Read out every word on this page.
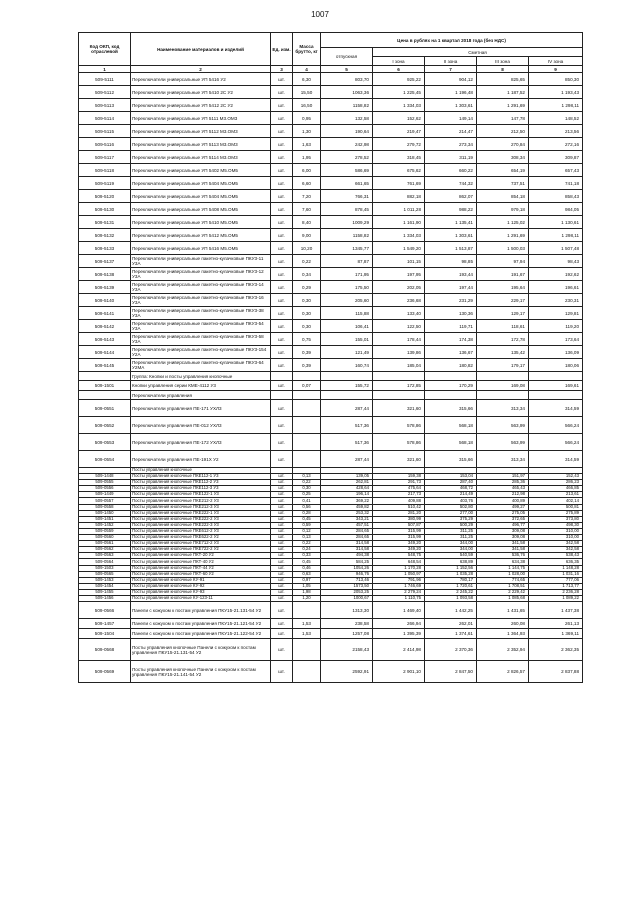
1007
Код ОКП, код отраслевой	Наименование материалов и изделий	Ед. изм.	Масса брутто, кг	Цена в рублях на 1 квартал 2018 года (без НДС)				
				отпускная	Сметная			
					I зона	II зона	III зона	IV зона
1	2	3	4	5	6	7	8	9
509-5111	Переключатели универсальные УП 5416 У2	шт.	6,30	803,70	925,22	904,12	825,65	850,30
509-5112	Переключатели универсальные УП 5410 2С У2	шт.	15,50	1063,36	1 225,45	1 196,48	1 187,52	1 193,43
509-5113	Переключатели универсальные УП 5412 2С У2	шт.	16,50	1158,82	1 334,03	1 303,61	1 291,69	1 298,11
509-5114	Переключатели универсальные УП 5111 М3.ОМ3	шт.	0,95	132,58	152,62	149,14	147,78	148,52
509-5115	Переключатели универсальные УП 5112 М3.ОМ3	шт.	1,30	190,64	219,47	214,47	212,50	213,56
509-5116	Переключатели универсальные УП 5113 М3.ОМ3	шт.	1,63	242,98	279,72	273,34	270,84	272,16
509-5117	Переключатели универсальные УП 5114 М3.ОМ3	шт.	1,95	278,52	318,45	311,19	308,34	309,87
509-5118	Переключатели универсальные УП 5402 М5.ОМ5	шт.	6,00	586,69	675,62	660,22	654,19	657,43
509-5119	Переключатели универсальные УП 5404 М5.ОМ5	шт.	6,60	661,65	761,69	744,32	737,51	741,18
509-5120	Переключатели универсальные УП 5404 М5.ОМ5	шт.	7,20	766,31	882,18	862,07	854,18	858,43
509-5130	Переключатели универсальные УП 5408 М5.ОМ5	шт.	7,60	878,45	1 011,28	988,22	979,18	984,05
509-5131	Переключатели универсальные УП 5410 М5.ОМ5	шт.	8,40	1009,29	1 161,90	1 135,41	1 125,02	1 130,61
509-5132	Переключатели универсальные УП 5412 М5.ОМ5	шт.	9,00	1158,82	1 334,03	1 303,61	1 291,69	1 298,11
509-5133	Переключатели универсальные УП 5416 М5.ОМ5	шт.	10,20	1345,77	1 549,20	1 513,87	1 500,03	1 507,48
509-5137	Переключатели универсальные пакетно-кулачковые ПКУ3-11 У3А	шт.	0,22	87,87	101,15	98,85	97,94	98,43
509-5138	Переключатели универсальные пакетно-кулачковые ПКУ3-12 У3А	шт.	0,34	171,95	197,95	193,44	191,67	192,62
509-5139	Переключатели универсальные пакетно-кулачковые ПКУ3-14 У3А	шт.	0,29	175,50	202,05	197,44	195,64	196,61
509-5140	Переключатели универсальные пакетно-кулачковые ПКУ3-16 У3А	шт.	0,30	205,60	236,68	231,29	229,17	230,31
509-5141	Переключатели универсальные пакетно-кулачковые ПКУ3-38 У3А	шт.	0,30	115,88	133,40	130,36	129,17	129,81
509-5142	Переключатели универсальные пакетно-кулачковые ПКУ3-54 У3А	шт.	0,30	106,41	122,50	119,71	118,61	119,20
509-5143	Переключатели универсальные пакетно-кулачковые ПКУ3-58 У3А	шт.	0,75	155,01	178,44	174,38	172,78	173,64
509-5144	Переключатели универсальные пакетно-кулачковые ПКУ3-154 У2А	шт.	0,39	121,49	139,86	136,67	135,42	136,09
509-5145	Переключатели универсальные пакетно-кулачковые ПКУ3-64 У2МА	шт.	0,39	160,74	185,04	180,82	179,17	180,06
	Группа: Кнопки и посты управления кнопочные							
509-1501	Кнопки управления серии КМЕ-4112 У3	шт.	0,07	155,72	172,85	170,29	169,08	169,61
	Переключатели управления							
509-0551	Переключатели управления ПЕ-171 УХЛ3	шт.		287,44	321,60	315,66	313,34	314,59
509-0552	Переключатели управления ПЕ-012 УХЛ3	шт.		517,36	578,86	568,18	563,99	566,24
509-0553	Переключатели управления ПЕ-172 УХЛ3	шт.		517,36	578,86	568,18	563,99	566,24
509-0554	Переключатели управления ПЕ-191Х У2	шт.		287,44	321,60	315,66	313,34	314,59
	Посты управления кнопочные							
509-1448	Посты управления кнопочные ПКЕ112-1 У3	шт.	0,13	139,05	159,38	153,04	151,97	152,43
509-0555	Посты управления кнопочные ПКЕ112-2 У3	шт.	0,22	262,81	291,73	287,40	285,36	286,23
509-0556	Посты управления кнопочные ПКЕ112-3 У3	шт.	0,30	428,64	475,64	468,72	465,43	466,85
509-1449	Посты управления кнопочные ПКЕ122-1 У3	шт.	0,25	196,14	217,73	214,49	212,98	213,61
509-0557	Посты управления кнопочные ПКЕ212-2 У3	шт.	0,41	369,22	409,88	403,76	400,89	402,14
509-0558	Посты управления кнопочные ПКЕ212-3 У3	шт.	0,56	459,82	510,42	502,80	499,27	500,81
509-1450	Посты управления кнопочные ПКЕ222-1 У3	шт.	0,28	253,32	281,20	277,00	275,05	275,89
509-1451	Посты управления кнопочные ПКЕ222-2 У3	шт.	0,45	343,21	380,99	375,29	372,65	373,80
509-1452	Посты управления кнопочные ПКЕ222-3 У3	шт.	0,59	457,51	507,87	500,29	496,77	498,30
509-0559	Посты управления кнопочные ПКЕ612-2 У3	шт.	0,12	284,65	315,99	311,25	309,08	310,00
509-0560	Посты управления кнопочные ПКЕ622-2 У2	шт.	0,13	284,65	315,99	311,25	309,08	310,00
509-0561	Посты управления кнопочные ПКЕ712-2 У3	шт.	0,22	314,58	349,20	344,00	341,58	342,58
509-0562	Посты управления кнопочные ПКЕ722-2 У2	шт.	0,24	314,58	349,20	344,00	341,58	342,58
509-0563	Посты управления кнопочные ПКТ-20 У2	шт.	0,33	494,38	548,75	540,59	536,76	538,43
509-0564	Посты управления кнопочные ПКТ-40 У2	шт.	0,45	584,25	648,54	638,89	634,38	636,35
509-1503	Посты управления кнопочные ПКТ-44 У2	шт.	0,46	1054,26	1 170,28	1 152,56	1 144,75	1 148,28
509-0565	Посты управления кнопочные ПКТ-60 У2	шт.	0,63	946,76	1 050,97	1 035,28	1 028,00	1 031,16
509-1453	Посты управления кнопочные КУ-91	шт.	0,97	713,46	791,96	780,17	774,65	777,06
509-1454	Посты управления кнопочные КУ-92	шт.	1,05	1573,50	1 746,69	1 720,61	1 708,51	1 713,77
509-1455	Посты управления кнопочные КУ-93	шт.	1,98	2053,25	2 279,24	2 245,22	2 229,42	2 236,28
509-1456	Посты управления кнопочные КУ-123-11	шт.	1,20	1000,67	1 110,75	1 093,58	1 085,68	1 089,22
509-0566	Панели с кожухом к постам управления ПКУ15-21.131-54 У2	шт.		1313,30	1 469,40	1 442,25	1 431,65	1 437,38
509-1457	Панели с кожухом к постам управления ПКУ15-21.121-54 У2	шт.	1,53	238,58	266,94	262,01	260,08	261,13
509-1504	Панели с кожухом к постам управления ПКУ15-21.122-54 У2	шт.	1,53	1257,08	1 395,39	1 374,61	1 364,93	1 369,11
509-0568	Посты управления кнопочные Панели с кожухом к постам управления ПКУ15-21.131-54 У2	шт.		2158,43	2 414,98	2 370,36	2 352,94	2 362,35
509-0569	Посты управления кнопочные Панели с кожухом к постам управления ПКУ15-21.141-54 У2	шт.		2592,91	2 901,10	2 847,50	2 826,57	2 837,88
